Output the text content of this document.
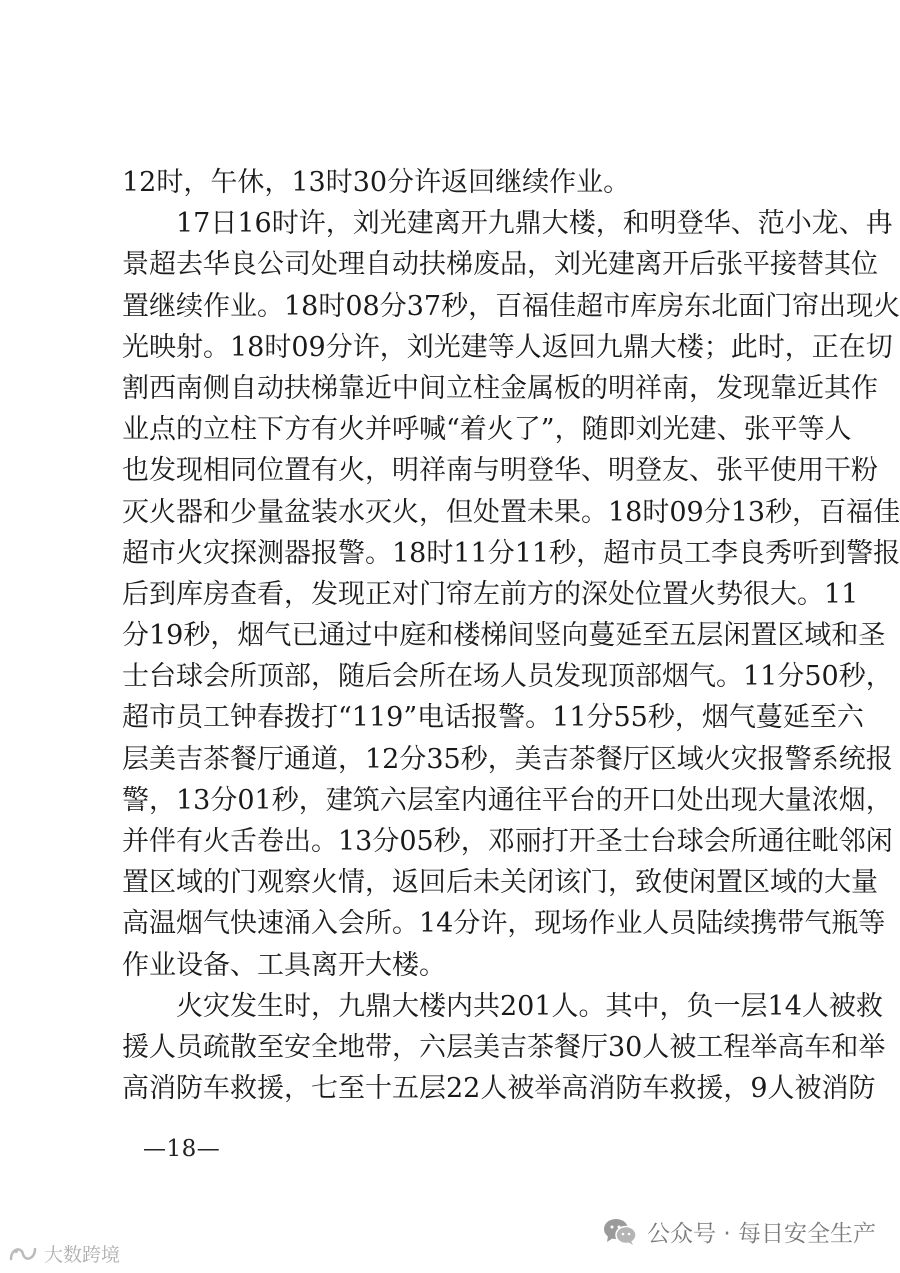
12时，午休，13时30分许返回继续作业。
17日16时许，刘光建离开九鼎大楼，和明登华、范小龙、冉
景超去华良公司处理自动扶梯废品，刘光建离开后张平接替其位
置继续作业。18时08分37秒，百福佳超市库房东北面门帘出现火
光映射。18时09分许，刘光建等人返回九鼎大楼；此时，正在切
割西南侧自动扶梯靠近中间立柱金属板的明祥南，发现靠近其作
业点的立柱下方有火并呼喊“着火了”，随即刘光建、张平等人
也发现相同位置有火，明祥南与明登华、明登友、张平使用干粉
灭火器和少量盆装水灭火，但处置未果。18时09分13秒，百福佳
超市火灾探测器报警。18时11分11秒，超市员工李良秀听到警报
后到库房查看，发现正对门帘左前方的深处位置火势很大。11
分19秒，烟气已通过中庭和楼梯间竖向蔓延至五层闲置区域和圣
士台球会所顶部，随后会所在场人员发现顶部烟气。11分50秒，
超市员工钟春拨打“119”电话报警。11分55秒，烟气蔓延至六
层美吉茶餐厅通道，12分35秒，美吉茶餐厅区域火灾报警系统报
警，13分01秒，建筑六层室内通往平台的开口处出现大量浓烟，
并伴有火舌卷出。13分05秒，邓丽打开圣士台球会所通往毗邻闲
置区域的门观察火情，返回后未关闭该门，致使闲置区域的大量
高温烟气快速涌入会所。14分许，现场作业人员陆续携带气瓶等
作业设备、工具离开大楼。
火灾发生时，九鼎大楼内共201人。其中，负一层14人被救
援人员疏散至安全地带，六层美吉茶餐厅30人被工程举高车和举
高消防车救援，七至十五层22人被举高消防车救援，9人被消防
—18—
公众号 · 每日安全生产
大数跨境
